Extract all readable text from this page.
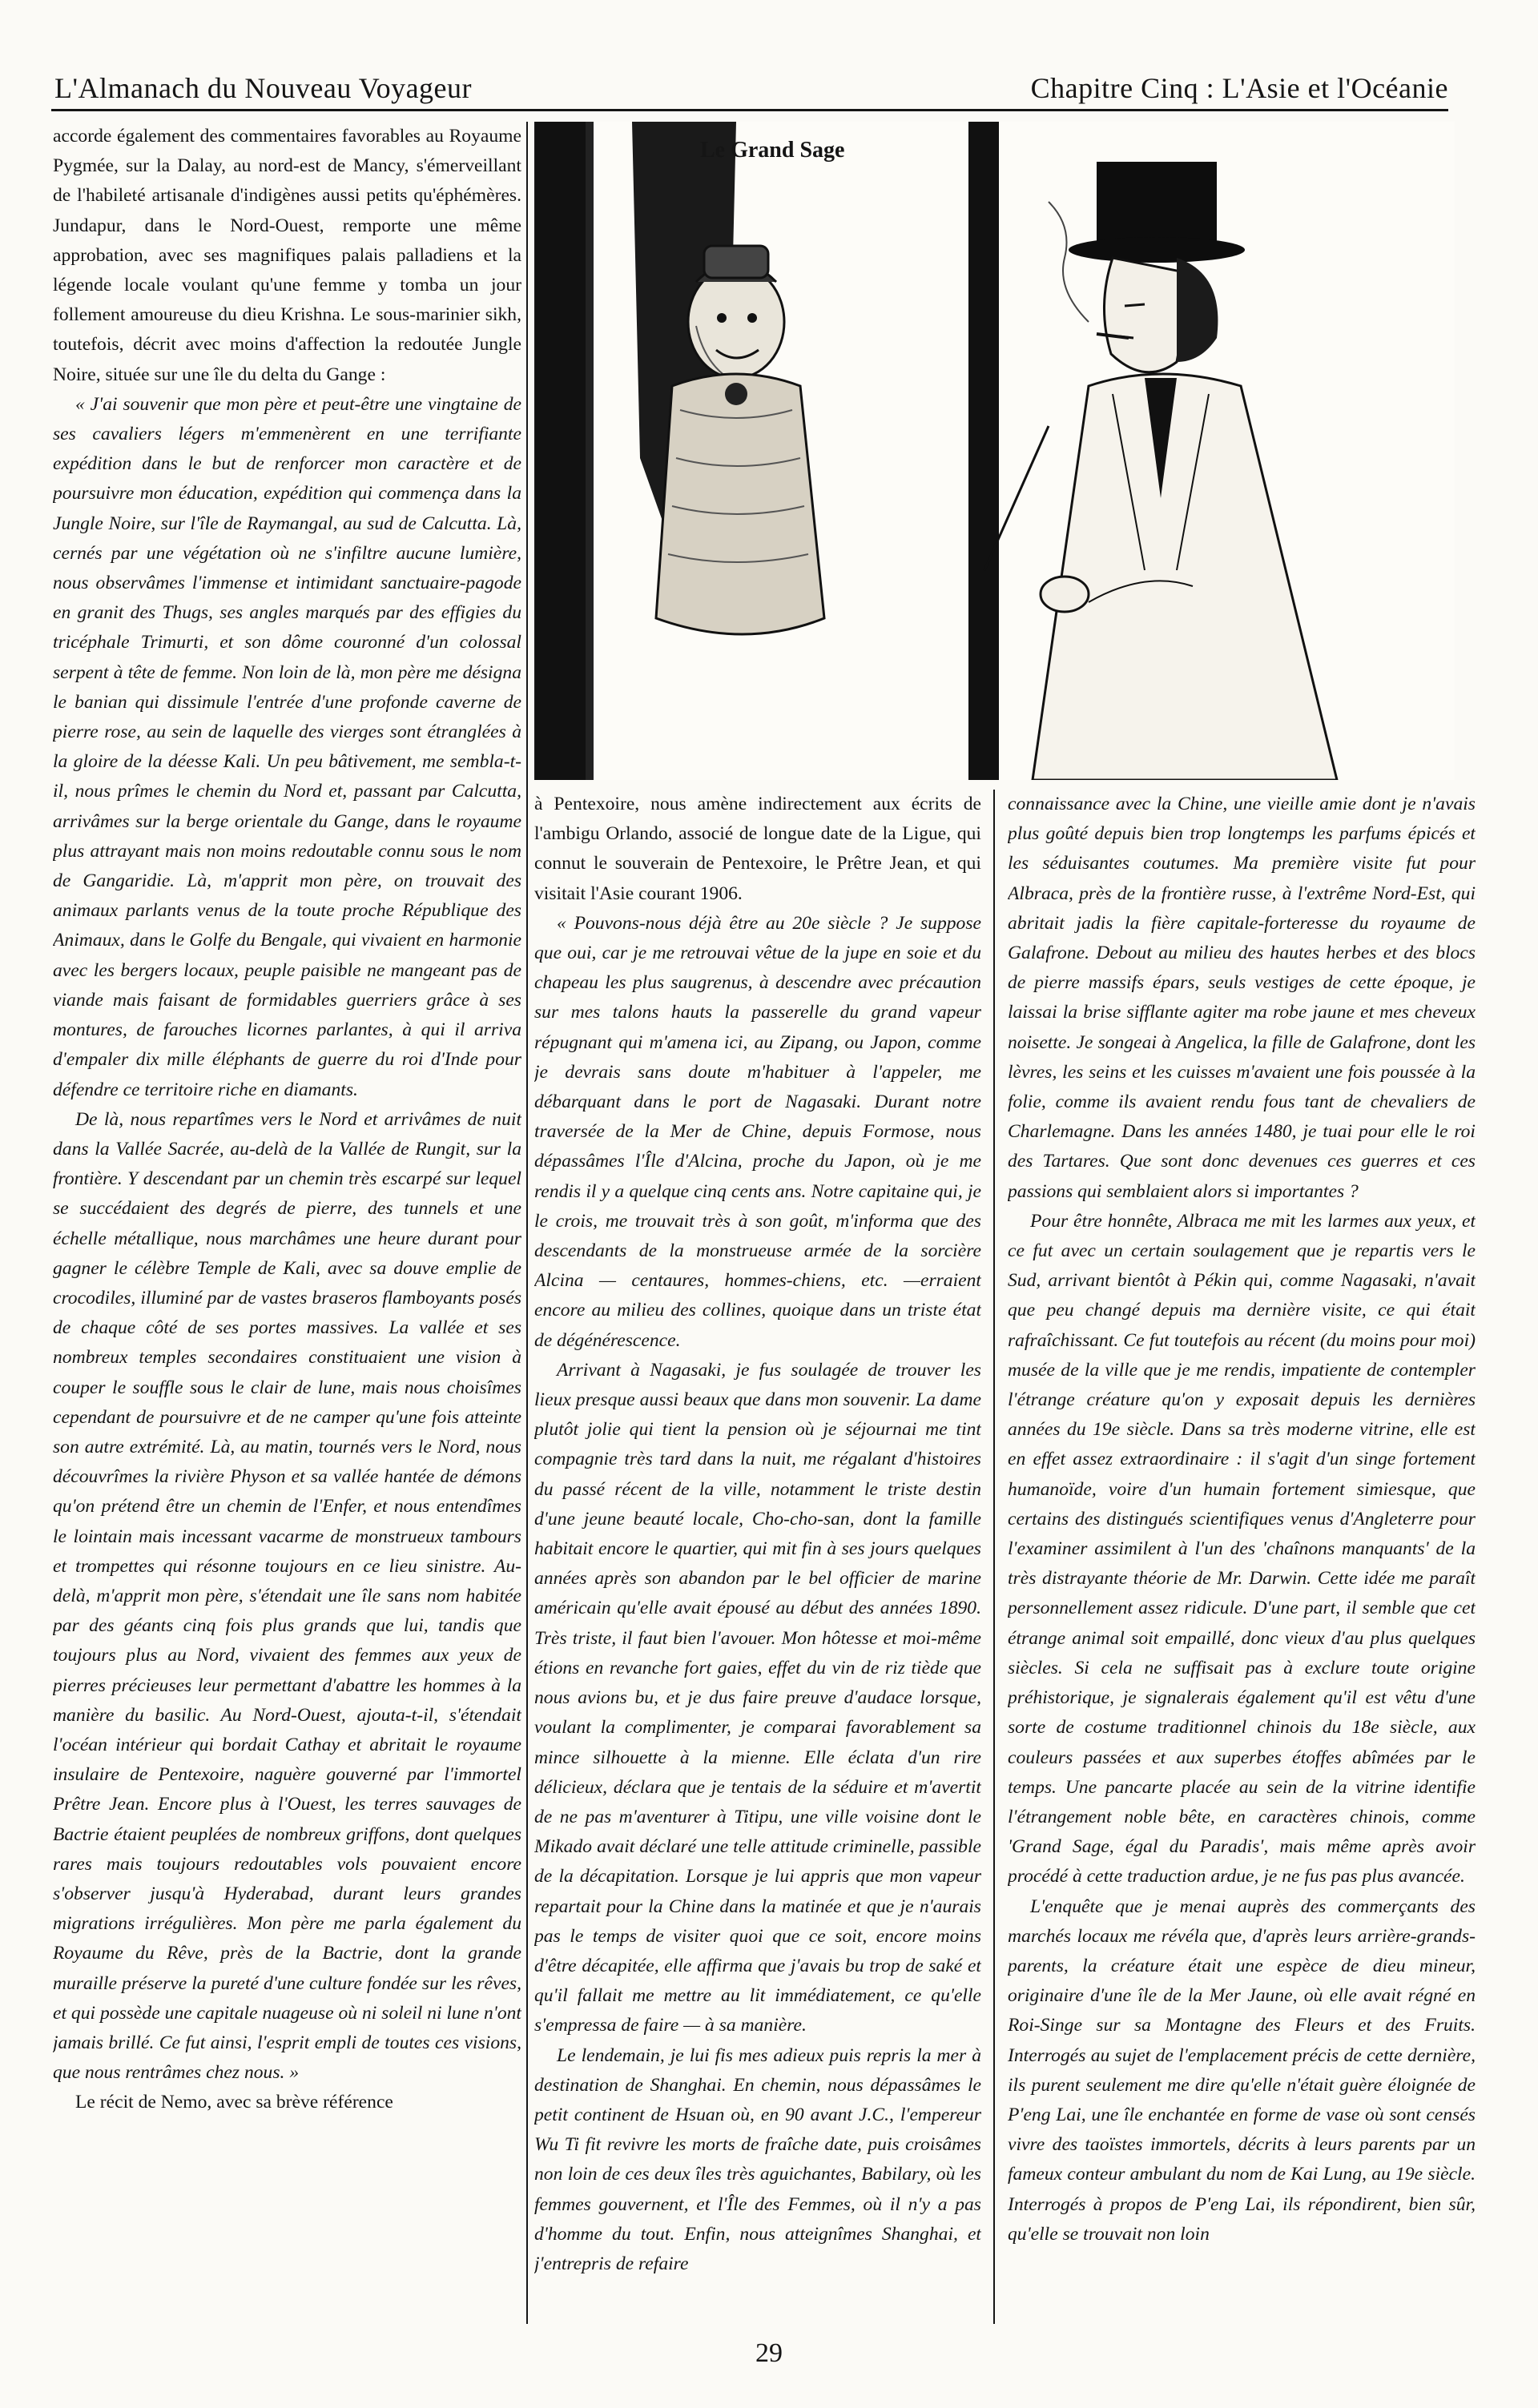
L'Almanach du Nouveau Voyageur	Chapitre Cinq : L'Asie et l'Océanie

accorde également des commentaires favorables au Royaume Pygmée, sur la Dalay, au nord-est de Mancy, s'émerveillant de l'habileté artisanale d'indigènes aussi petits qu'éphémères. Jundapur, dans le Nord-Ouest, remporte une même approbation, avec ses magnifiques palais palladiens et la légende locale voulant qu'une femme y tomba un jour follement amoureuse du dieu Krishna. Le sous-marinier sikh, toutefois, décrit avec moins d'affection la redoutée Jungle Noire, située sur une île du delta du Gange :

« J'ai souvenir que mon père et peut-être une vingtaine de ses cavaliers légers m'emmenèrent en une terrifiante expédition dans le but de renforcer mon caractère et de poursuivre mon éducation, expédition qui commença dans la Jungle Noire, sur l'île de Raymangal, au sud de Calcutta. Là, cernés par une végétation où ne s'infiltre aucune lumière, nous observâmes l'immense et intimidant sanctuaire-pagode en granit des Thugs, ses angles marqués par des effigies du tricéphale Trimurti, et son dôme couronné d'un colossal serpent à tête de femme. Non loin de là, mon père me désigna le banian qui dissimule l'entrée d'une profonde caverne de pierre rose, au sein de laquelle des vierges sont étranglées à la gloire de la déesse Kali. Un peu bâtivement, me sembla-t-il, nous prîmes le chemin du Nord et, passant par Calcutta, arrivâmes sur la berge orientale du Gange, dans le royaume plus attrayant mais non moins redoutable connu sous le nom de Gangaridie. Là, m'apprit mon père, on trouvait des animaux parlants venus de la toute proche République des Animaux, dans le Golfe du Bengale, qui vivaient en harmonie avec les bergers locaux, peuple paisible ne mangeant pas de viande mais faisant de formidables guerriers grâce à ses montures, de farouches licornes parlantes, à qui il arriva d'empaler dix mille éléphants de guerre du roi d'Inde pour défendre ce territoire riche en diamants.

De là, nous repartîmes vers le Nord et arrivâmes de nuit dans la Vallée Sacrée, au-delà de la Vallée de Rungit, sur la frontière. Y descendant par un chemin très escarpé sur lequel se succédaient des degrés de pierre, des tunnels et une échelle métallique, nous marchâmes une heure durant pour gagner le célèbre Temple de Kali, avec sa douve emplie de crocodiles, illuminé par de vastes braseros flamboyants posés de chaque côté de ses portes massives. La vallée et ses nombreux temples secondaires constituaient une vision à couper le souffle sous le clair de lune, mais nous choisîmes cependant de poursuivre et de ne camper qu'une fois atteinte son autre extrémité. Là, au matin, tournés vers le Nord, nous découvrîmes la rivière Physon et sa vallée hantée de démons qu'on prétend être un chemin de l'Enfer, et nous entendîmes le lointain mais incessant vacarme de monstrueux tambours et trompettes qui résonne toujours en ce lieu sinistre. Au-delà, m'apprit mon père, s'étendait une île sans nom habitée par des géants cinq fois plus grands que lui, tandis que toujours plus au Nord, vivaient des femmes aux yeux de pierres précieuses leur permettant d'abattre les hommes à la manière du basilic. Au Nord-Ouest, ajouta-t-il, s'étendait l'océan intérieur qui bordait Cathay et abritait le royaume insulaire de Pentexoire, naguère gouverné par l'immortel Prêtre Jean. Encore plus à l'Ouest, les terres sauvages de Bactrie étaient peuplées de nombreux griffons, dont quelques rares mais toujours redoutables vols pouvaient encore s'observer jusqu'à Hyderabad, durant leurs grandes migrations irrégulières. Mon père me parla également du Royaume du Rêve, près de la Bactrie, dont la grande muraille préserve la pureté d'une culture fondée sur les rêves, et qui possède une capitale nuageuse où ni soleil ni lune n'ont jamais brillé. Ce fut ainsi, l'esprit empli de toutes ces visions, que nous rentrâmes chez nous. »

Le récit de Nemo, avec sa brève référence

Le Grand Sage

à Pentexoire, nous amène indirectement aux écrits de l'ambigu Orlando, associé de longue date de la Ligue, qui connut le souverain de Pentexoire, le Prêtre Jean, et qui visitait l'Asie courant 1906.

« Pouvons-nous déjà être au 20e siècle ? Je suppose que oui, car je me retrouvai vêtue de la jupe en soie et du chapeau les plus saugrenus, à descendre avec précaution sur mes talons hauts la passerelle du grand vapeur répugnant qui m'amena ici, au Zipang, ou Japon, comme je devrais sans doute m'habituer à l'appeler, me débarquant dans le port de Nagasaki. Durant notre traversée de la Mer de Chine, depuis Formose, nous dépassâmes l'Île d'Alcina, proche du Japon, où je me rendis il y a quelque cinq cents ans. Notre capitaine qui, je le crois, me trouvait très à son goût, m'informa que des descendants de la monstrueuse armée de la sorcière Alcina — centaures, hommes-chiens, etc. —erraient encore au milieu des collines, quoique dans un triste état de dégénérescence.

Arrivant à Nagasaki, je fus soulagée de trouver les lieux presque aussi beaux que dans mon souvenir. La dame plutôt jolie qui tient la pension où je séjournai me tint compagnie très tard dans la nuit, me régalant d'histoires du passé récent de la ville, notamment le triste destin d'une jeune beauté locale, Cho-cho-san, dont la famille habitait encore le quartier, qui mit fin à ses jours quelques années après son abandon par le bel officier de marine américain qu'elle avait épousé au début des années 1890. Très triste, il faut bien l'avouer. Mon hôtesse et moi-même étions en revanche fort gaies, effet du vin de riz tiède que nous avions bu, et je dus faire preuve d'audace lorsque, voulant la complimenter, je comparai favorablement sa mince silhouette à la mienne. Elle éclata d'un rire délicieux, déclara que je tentais de la séduire et m'avertit de ne pas m'aventurer à Titipu, une ville voisine dont le Mikado avait déclaré une telle attitude criminelle, passible de la décapitation. Lorsque je lui appris que mon vapeur repartait pour la Chine dans la matinée et que je n'aurais pas le temps de visiter quoi que ce soit, encore moins d'être décapitée, elle affirma que j'avais bu trop de saké et qu'il fallait me mettre au lit immédiatement, ce qu'elle s'empressa de faire — à sa manière.

Le lendemain, je lui fis mes adieux puis repris la mer à destination de Shanghai. En chemin, nous dépassâmes le petit continent de Hsuan où, en 90 avant J.C., l'empereur Wu Ti fit revivre les morts de fraîche date, puis croisâmes non loin de ces deux îles très aguichantes, Babilary, où les femmes gouvernent, et l'Île des Femmes, où il n'y a pas d'homme du tout. Enfin, nous atteignîmes Shanghai, et j'entrepris de refaire

connaissance avec la Chine, une vieille amie dont je n'avais plus goûté depuis bien trop longtemps les parfums épicés et les séduisantes coutumes. Ma première visite fut pour Albraca, près de la frontière russe, à l'extrême Nord-Est, qui abritait jadis la fière capitale-forteresse du royaume de Galafrone. Debout au milieu des hautes herbes et des blocs de pierre massifs épars, seuls vestiges de cette époque, je laissai la brise sifflante agiter ma robe jaune et mes cheveux noisette. Je songeai à Angelica, la fille de Galafrone, dont les lèvres, les seins et les cuisses m'avaient une fois poussée à la folie, comme ils avaient rendu fous tant de chevaliers de Charlemagne. Dans les années 1480, je tuai pour elle le roi des Tartares. Que sont donc devenues ces guerres et ces passions qui semblaient alors si importantes ?

Pour être honnête, Albraca me mit les larmes aux yeux, et ce fut avec un certain soulagement que je repartis vers le Sud, arrivant bientôt à Pékin qui, comme Nagasaki, n'avait que peu changé depuis ma dernière visite, ce qui était rafraîchissant. Ce fut toutefois au récent (du moins pour moi) musée de la ville que je me rendis, impatiente de contempler l'étrange créature qu'on y exposait depuis les dernières années du 19e siècle. Dans sa très moderne vitrine, elle est en effet assez extraordinaire : il s'agit d'un singe fortement humanoïde, voire d'un humain fortement simiesque, que certains des distingués scientifiques venus d'Angleterre pour l'examiner assimilent à l'un des 'chaînons manquants' de la très distrayante théorie de Mr. Darwin. Cette idée me paraît personnellement assez ridicule. D'une part, il semble que cet étrange animal soit empaillé, donc vieux d'au plus quelques siècles. Si cela ne suffisait pas à exclure toute origine préhistorique, je signalerais également qu'il est vêtu d'une sorte de costume traditionnel chinois du 18e siècle, aux couleurs passées et aux superbes étoffes abîmées par le temps. Une pancarte placée au sein de la vitrine identifie l'étrangement noble bête, en caractères chinois, comme 'Grand Sage, égal du Paradis', mais même après avoir procédé à cette traduction ardue, je ne fus pas plus avancée.

L'enquête que je menai auprès des commerçants des marchés locaux me révéla que, d'après leurs arrière-grands-parents, la créature était une espèce de dieu mineur, originaire d'une île de la Mer Jaune, où elle avait régné en Roi-Singe sur sa Montagne des Fleurs et des Fruits. Interrogés au sujet de l'emplacement précis de cette dernière, ils purent seulement me dire qu'elle n'était guère éloignée de P'eng Lai, une île enchantée en forme de vase où sont censés vivre des taoïstes immortels, décrits à leurs parents par un fameux conteur ambulant du nom de Kai Lung, au 19e siècle. Interrogés à propos de P'eng Lai, ils répondirent, bien sûr, qu'elle se trouvait non loin

29
